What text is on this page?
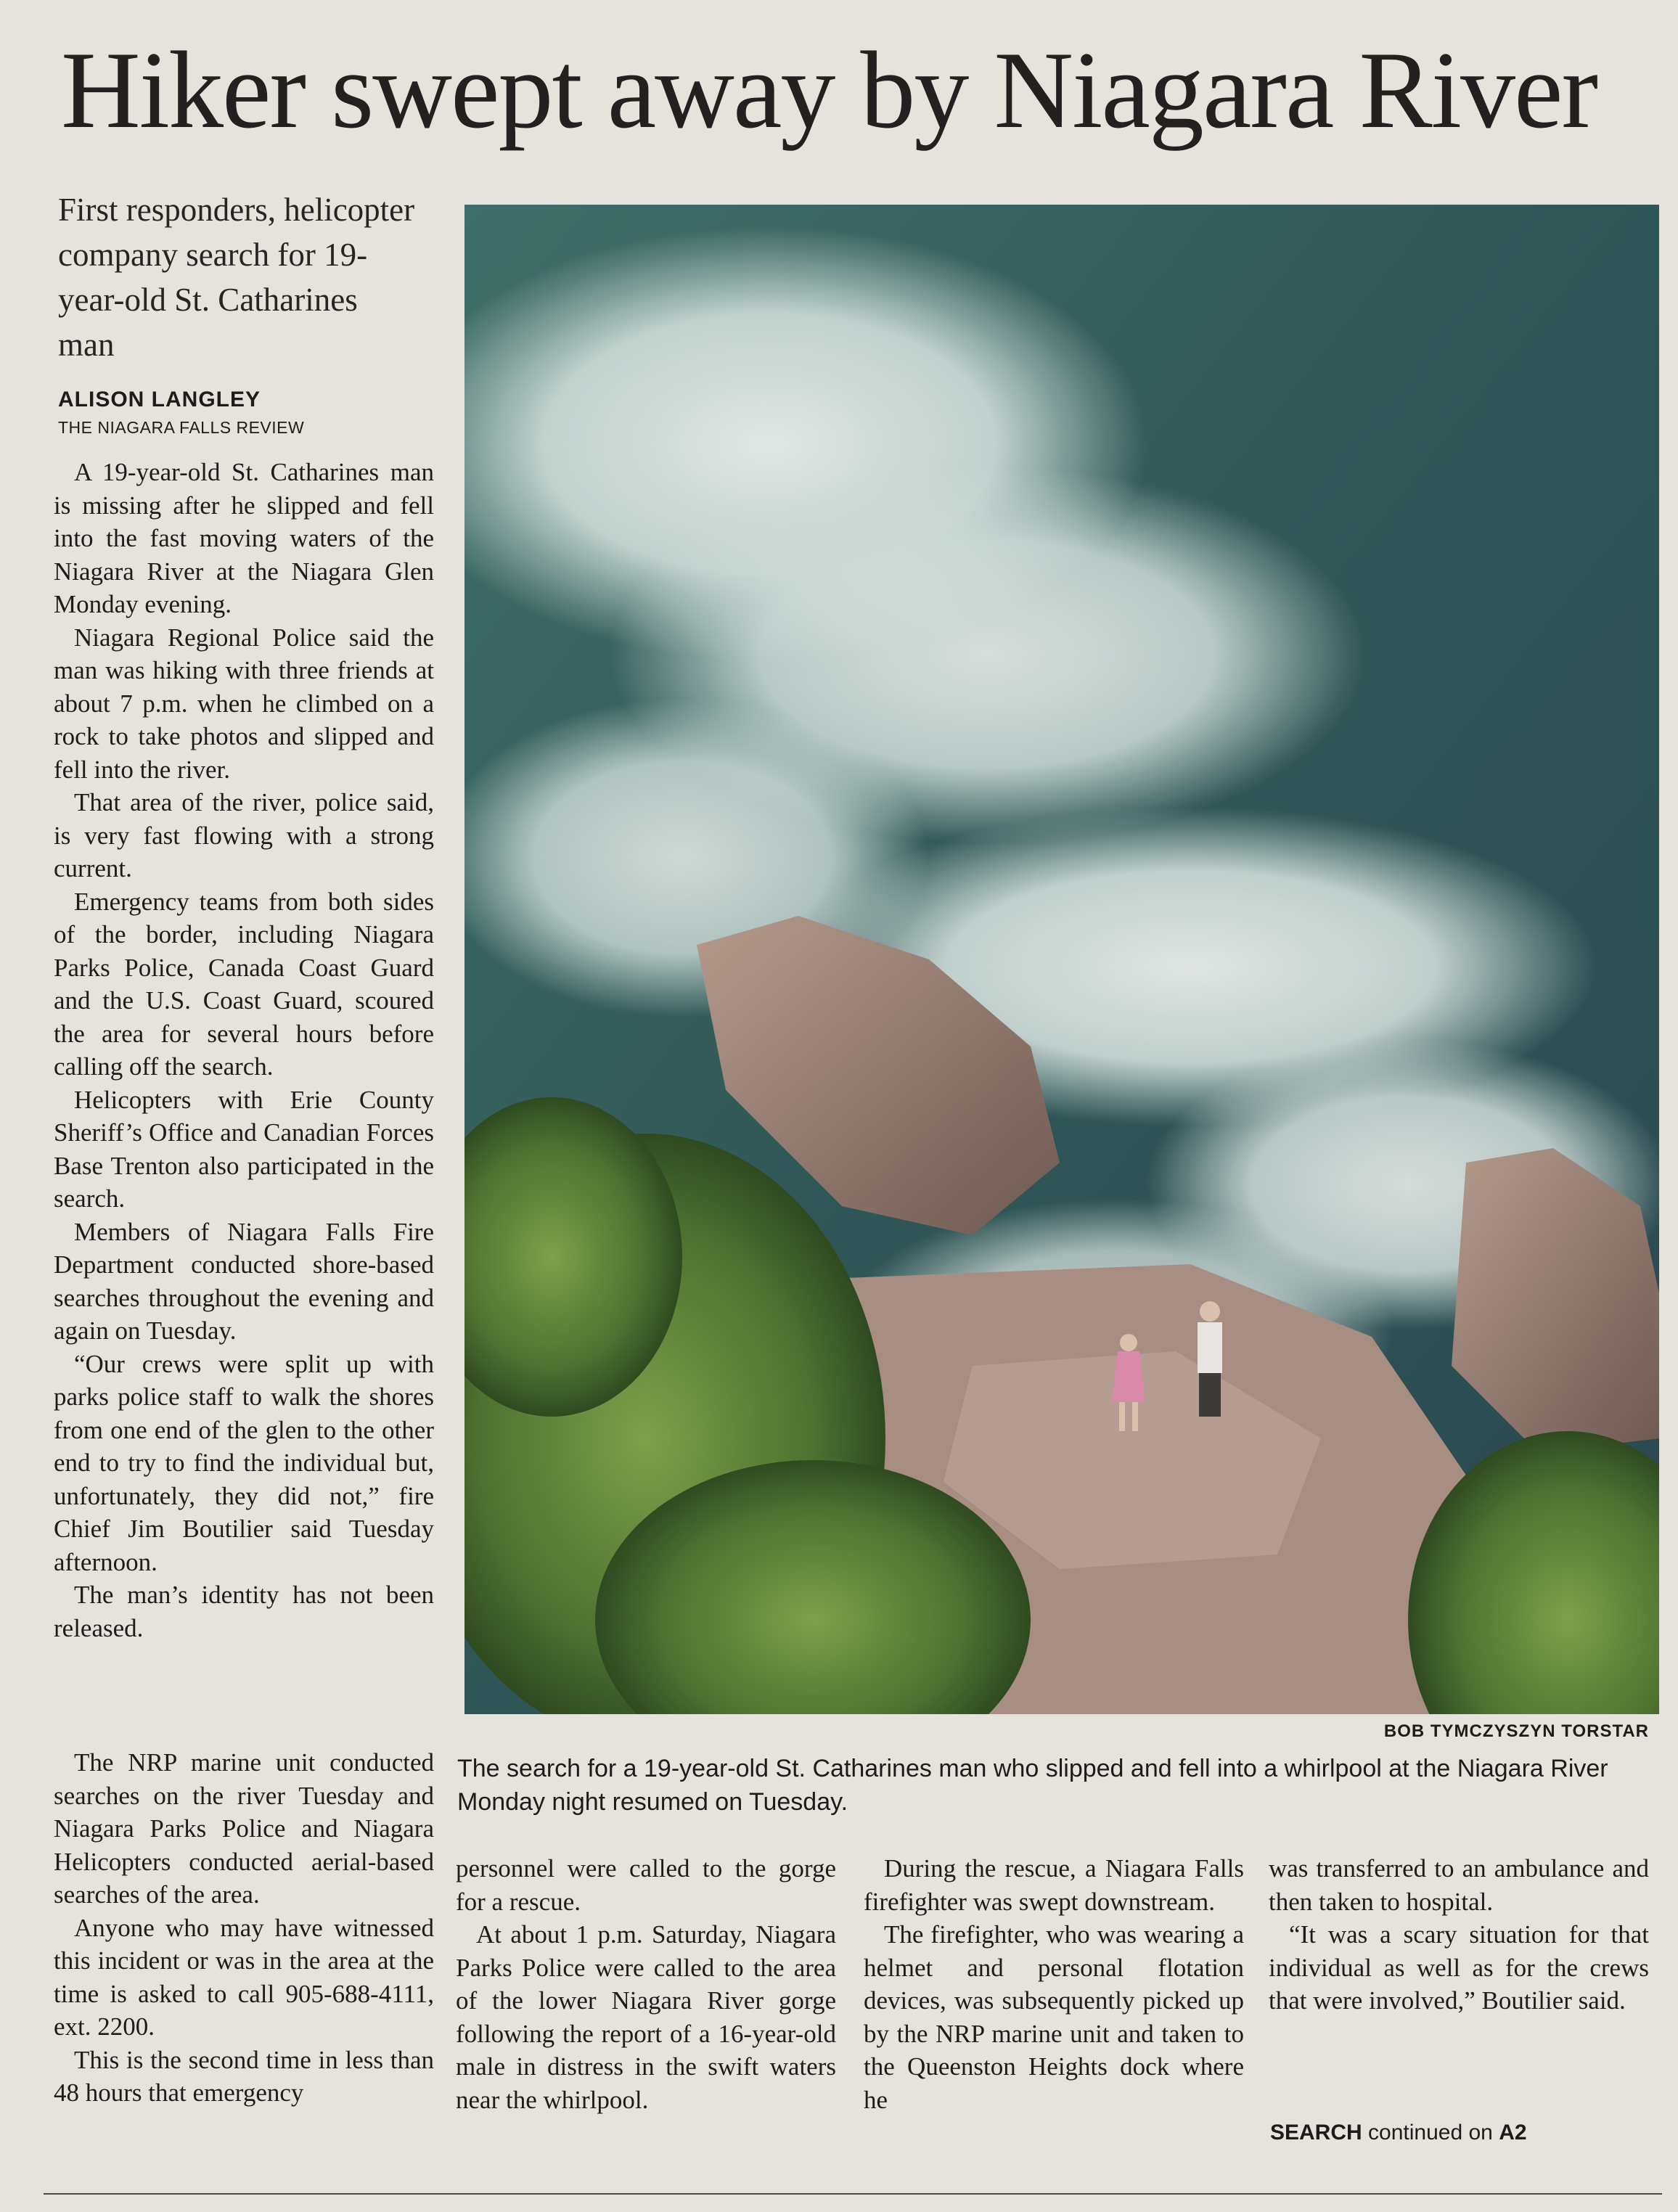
Hiker swept away by Niagara River
First responders, helicopter company search for 19-year-old St. Catharines man
ALISON LANGLEY
THE NIAGARA FALLS REVIEW

A 19-year-old St. Catharines man is missing after he slipped and fell into the fast moving waters of the Niagara River at the Niagara Glen Monday evening.

Niagara Regional Police said the man was hiking with three friends at about 7 p.m. when he climbed on a rock to take photos and slipped and fell into the river.

That area of the river, police said, is very fast flowing with a strong current.

Emergency teams from both sides of the border, including Niagara Parks Police, Canada Coast Guard and the U.S. Coast Guard, scoured the area for several hours before calling off the search.

Helicopters with Erie County Sheriff’s Office and Canadian Forces Base Trenton also participated in the search.

Members of Niagara Falls Fire Department conducted shore-based searches throughout the evening and again on Tuesday.

“Our crews were split up with parks police staff to walk the shores from one end of the glen to the other end to try to find the individual but, unfortunately, they did not,” fire Chief Jim Boutilier said Tuesday afternoon.

The man’s identity has not been released.

The NRP marine unit conducted searches on the river Tuesday and Niagara Parks Police and Niagara Helicopters conducted aerial-based searches of the area.

Anyone who may have witnessed this incident or was in the area at the time is asked to call 905-688-4111, ext. 2200.

This is the second time in less than 48 hours that emergency

BOB TYMCZYSZYN TORSTAR
The search for a 19-year-old St. Catharines man who slipped and fell into a whirlpool at the Niagara River Monday night resumed on Tuesday.

personnel were called to the gorge for a rescue.

At about 1 p.m. Saturday, Niagara Parks Police were called to the area of the lower Niagara River gorge following the report of a 16-year-old male in distress in the swift waters near the whirlpool.

During the rescue, a Niagara Falls firefighter was swept downstream.

The firefighter, who was wearing a helmet and personal flotation devices, was subsequently picked up by the NRP marine unit and taken to the Queenston Heights dock where he

was transferred to an ambulance and then taken to hospital.

“It was a scary situation for that individual as well as for the crews that were involved,” Boutilier said.

SEARCH continued on A2
